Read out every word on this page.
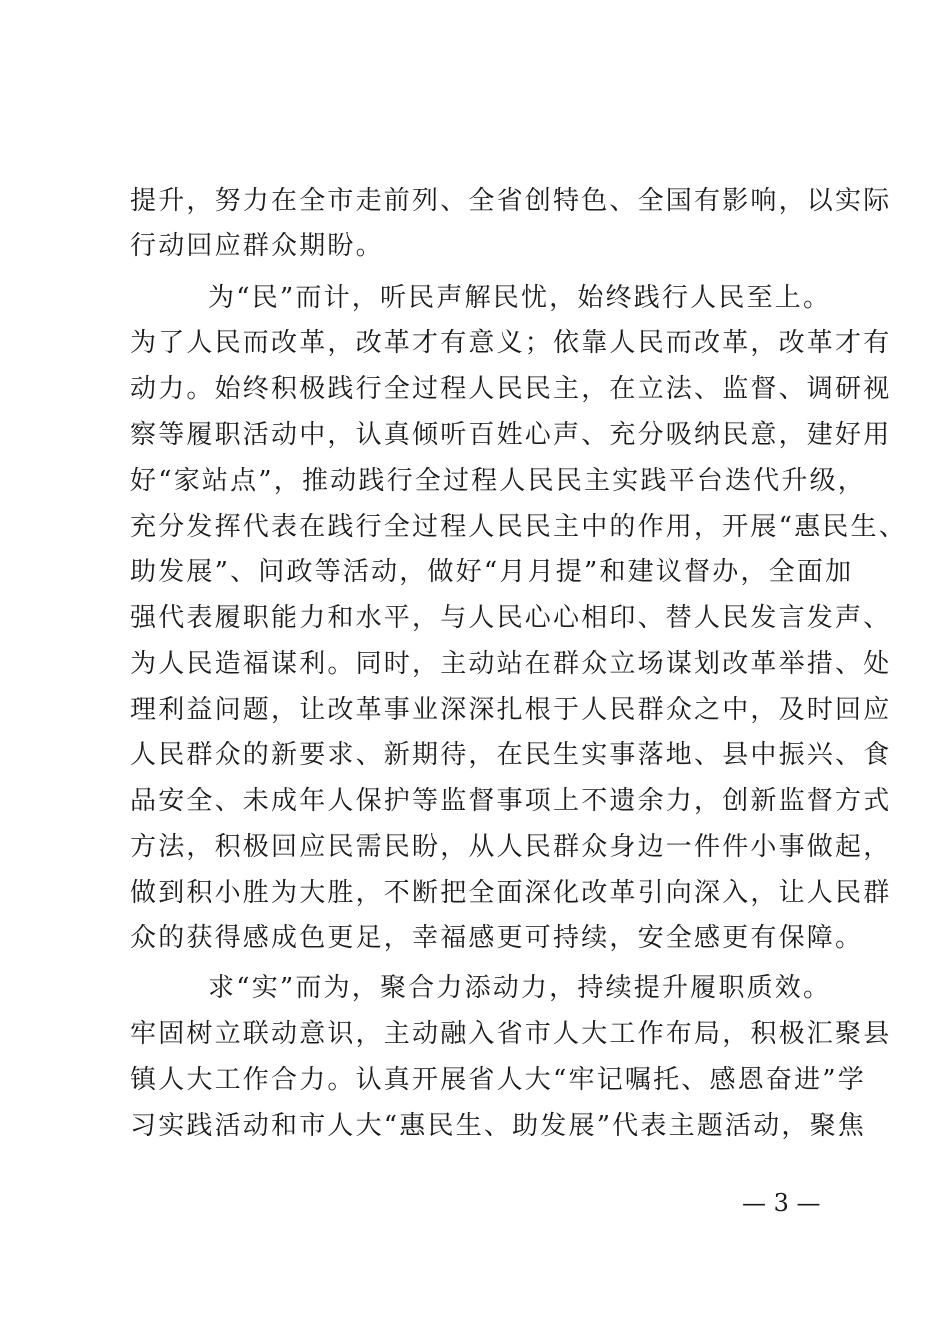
提升，努力在全市走前列、全省创特色、全国有影响，以实际
行动回应群众期盼。
为“民”而计，听民声解民忧，始终践行人民至上。
为了人民而改革，改革才有意义；依靠人民而改革，改革才有
动力。始终积极践行全过程人民民主，在立法、监督、调研视
察等履职活动中，认真倾听百姓心声、充分吸纳民意，建好用
好“家站点”，推动践行全过程人民民主实践平台迭代升级，
充分发挥代表在践行全过程人民民主中的作用，开展“惠民生、
助发展”、问政等活动，做好“月月提”和建议督办，全面加
强代表履职能力和水平，与人民心心相印、替人民发言发声、
为人民造福谋利。同时，主动站在群众立场谋划改革举措、处
理利益问题，让改革事业深深扎根于人民群众之中，及时回应
人民群众的新要求、新期待，在民生实事落地、县中振兴、食
品安全、未成年人保护等监督事项上不遗余力，创新监督方式
方法，积极回应民需民盼，从人民群众身边一件件小事做起，
做到积小胜为大胜，不断把全面深化改革引向深入，让人民群
众的获得感成色更足，幸福感更可持续，安全感更有保障。
求“实”而为，聚合力添动力，持续提升履职质效。
牢固树立联动意识，主动融入省市人大工作布局，积极汇聚县
镇人大工作合力。认真开展省人大“牢记嘱托、感恩奋进”学
习实践活动和市人大“惠民生、助发展”代表主题活动，聚焦
— 3 —
